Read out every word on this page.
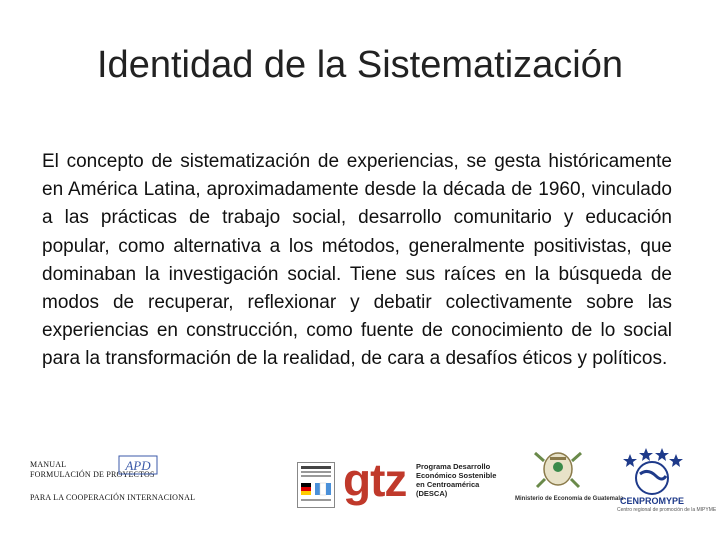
Identidad de la Sistematización
El concepto de sistematización de experiencias, se gesta históricamente en América Latina, aproximadamente desde la década de 1960, vinculado a las prácticas de trabajo social, desarrollo comunitario y educación popular, como alternativa a los métodos, generalmente positivistas, que dominaban la investigación social. Tiene sus raíces en la búsqueda de modos de recuperar, reflexionar y debatir colectivamente sobre las experiencias en construcción, como fuente de conocimiento de lo social para la transformación de la realidad, de cara a desafíos éticos y políticos.
MANUAL
FORMULACIÓN DE PROYECTOS
APD
PARA LA COOPERACIÓN INTERNACIONAL	gtz Programa Desarrollo
Económico Sostenible
en Centroamérica
(DESCA)
Ministerio de Economía de Guatemala
CENPROMYPE
Centro regional de promoción de la MIPYME
